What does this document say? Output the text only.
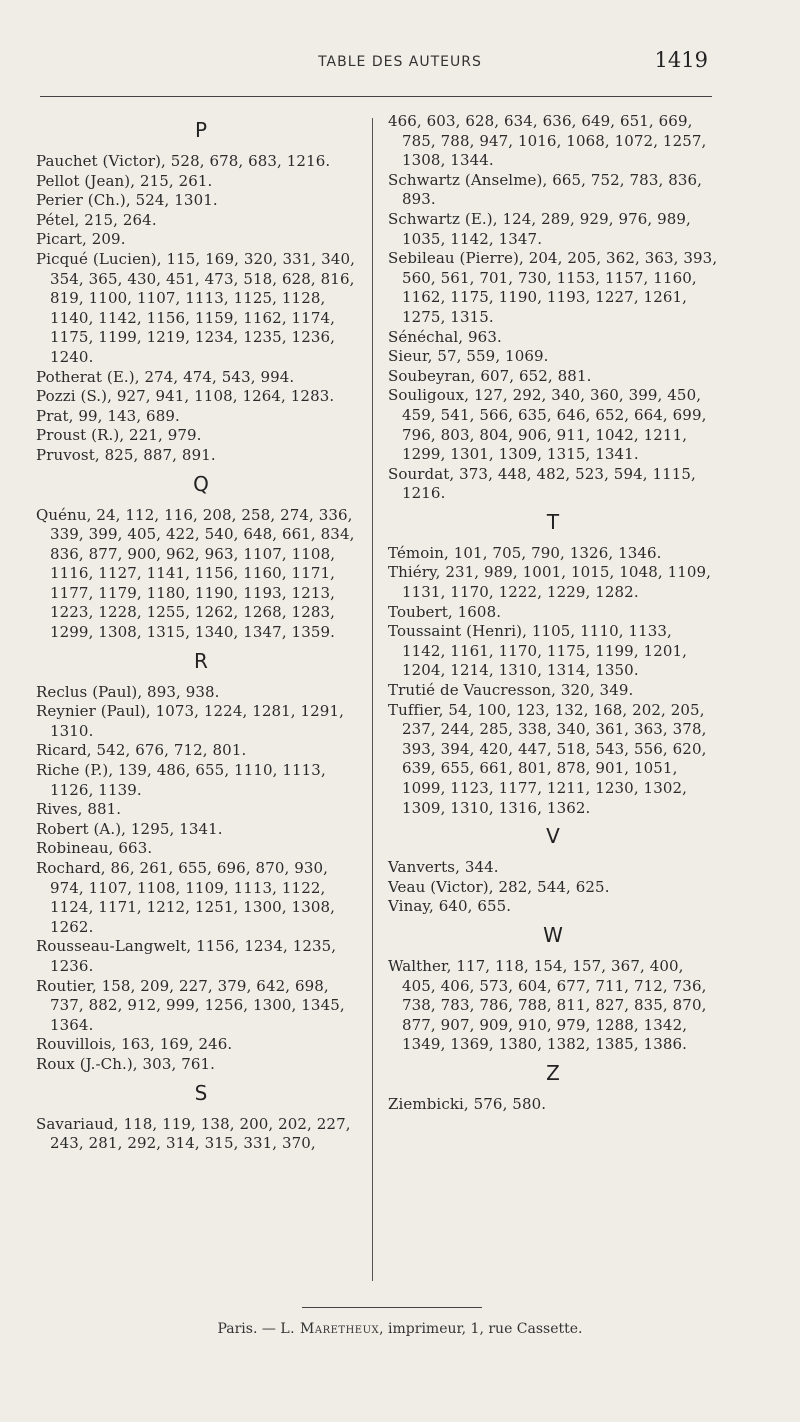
TABLE DES AUTEURS	1419
P
Pauchet (Victor), 528, 678, 683, 1216.
Pellot (Jean), 215, 261.
Perier (Ch.), 524, 1301.
Pétel, 215, 264.
Picart, 209.
Picqué (Lucien), 115, 169, 320, 331, 340, 354, 365, 430, 451, 473, 518, 628, 816, 819, 1100, 1107, 1113, 1125, 1128, 1140, 1142, 1156, 1159, 1162, 1174, 1175, 1199, 1219, 1234, 1235, 1236, 1240.
Potherat (E.), 274, 474, 543, 994.
Pozzi (S.), 927, 941, 1108, 1264, 1283.
Prat, 99, 143, 689.
Proust (R.), 221, 979.
Pruvost, 825, 887, 891.
Q
Quénu, 24, 112, 116, 208, 258, 274, 336, 339, 399, 405, 422, 540, 648, 661, 834, 836, 877, 900, 962, 963, 1107, 1108, 1116, 1127, 1141, 1156, 1160, 1171, 1177, 1179, 1180, 1190, 1193, 1213, 1223, 1228, 1255, 1262, 1268, 1283, 1299, 1308, 1315, 1340, 1347, 1359.
R
Reclus (Paul), 893, 938.
Reynier (Paul), 1073, 1224, 1281, 1291, 1310.
Ricard, 542, 676, 712, 801.
Riche (P.), 139, 486, 655, 1110, 1113, 1126, 1139.
Rives, 881.
Robert (A.), 1295, 1341.
Robineau, 663.
Rochard, 86, 261, 655, 696, 870, 930, 974, 1107, 1108, 1109, 1113, 1122, 1124, 1171, 1212, 1251, 1300, 1308, 1262.
Rousseau-Langwelt, 1156, 1234, 1235, 1236.
Routier, 158, 209, 227, 379, 642, 698, 737, 882, 912, 999, 1256, 1300, 1345, 1364.
Rouvillois, 163, 169, 246.
Roux (J.-Ch.), 303, 761.
S
Savariaud, 118, 119, 138, 200, 202, 227, 243, 281, 292, 314, 315, 331, 370,
466, 603, 628, 634, 636, 649, 651, 669, 785, 788, 947, 1016, 1068, 1072, 1257, 1308, 1344.
Schwartz (Anselme), 665, 752, 783, 836, 893.
Schwartz (E.), 124, 289, 929, 976, 989, 1035, 1142, 1347.
Sebileau (Pierre), 204, 205, 362, 363, 393, 560, 561, 701, 730, 1153, 1157, 1160, 1162, 1175, 1190, 1193, 1227, 1261, 1275, 1315.
Sénéchal, 963.
Sieur, 57, 559, 1069.
Soubeyran, 607, 652, 881.
Souligoux, 127, 292, 340, 360, 399, 450, 459, 541, 566, 635, 646, 652, 664, 699, 796, 803, 804, 906, 911, 1042, 1211, 1299, 1301, 1309, 1315, 1341.
Sourdat, 373, 448, 482, 523, 594, 1115, 1216.
T
Témoin, 101, 705, 790, 1326, 1346.
Thiéry, 231, 989, 1001, 1015, 1048, 1109, 1131, 1170, 1222, 1229, 1282.
Toubert, 1608.
Toussaint (Henri), 1105, 1110, 1133, 1142, 1161, 1170, 1175, 1199, 1201, 1204, 1214, 1310, 1314, 1350.
Trutié de Vaucresson, 320, 349.
Tuffier, 54, 100, 123, 132, 168, 202, 205, 237, 244, 285, 338, 340, 361, 363, 378, 393, 394, 420, 447, 518, 543, 556, 620, 639, 655, 661, 801, 878, 901, 1051, 1099, 1123, 1177, 1211, 1230, 1302, 1309, 1310, 1316, 1362.
V
Vanverts, 344.
Veau (Victor), 282, 544, 625.
Vinay, 640, 655.
W
Walther, 117, 118, 154, 157, 367, 400, 405, 406, 573, 604, 677, 711, 712, 736, 738, 783, 786, 788, 811, 827, 835, 870, 877, 907, 909, 910, 979, 1288, 1342, 1349, 1369, 1380, 1382, 1385, 1386.
Z
Ziembicki, 576, 580.
Paris. — L. Maretheux, imprimeur, 1, rue Cassette.
